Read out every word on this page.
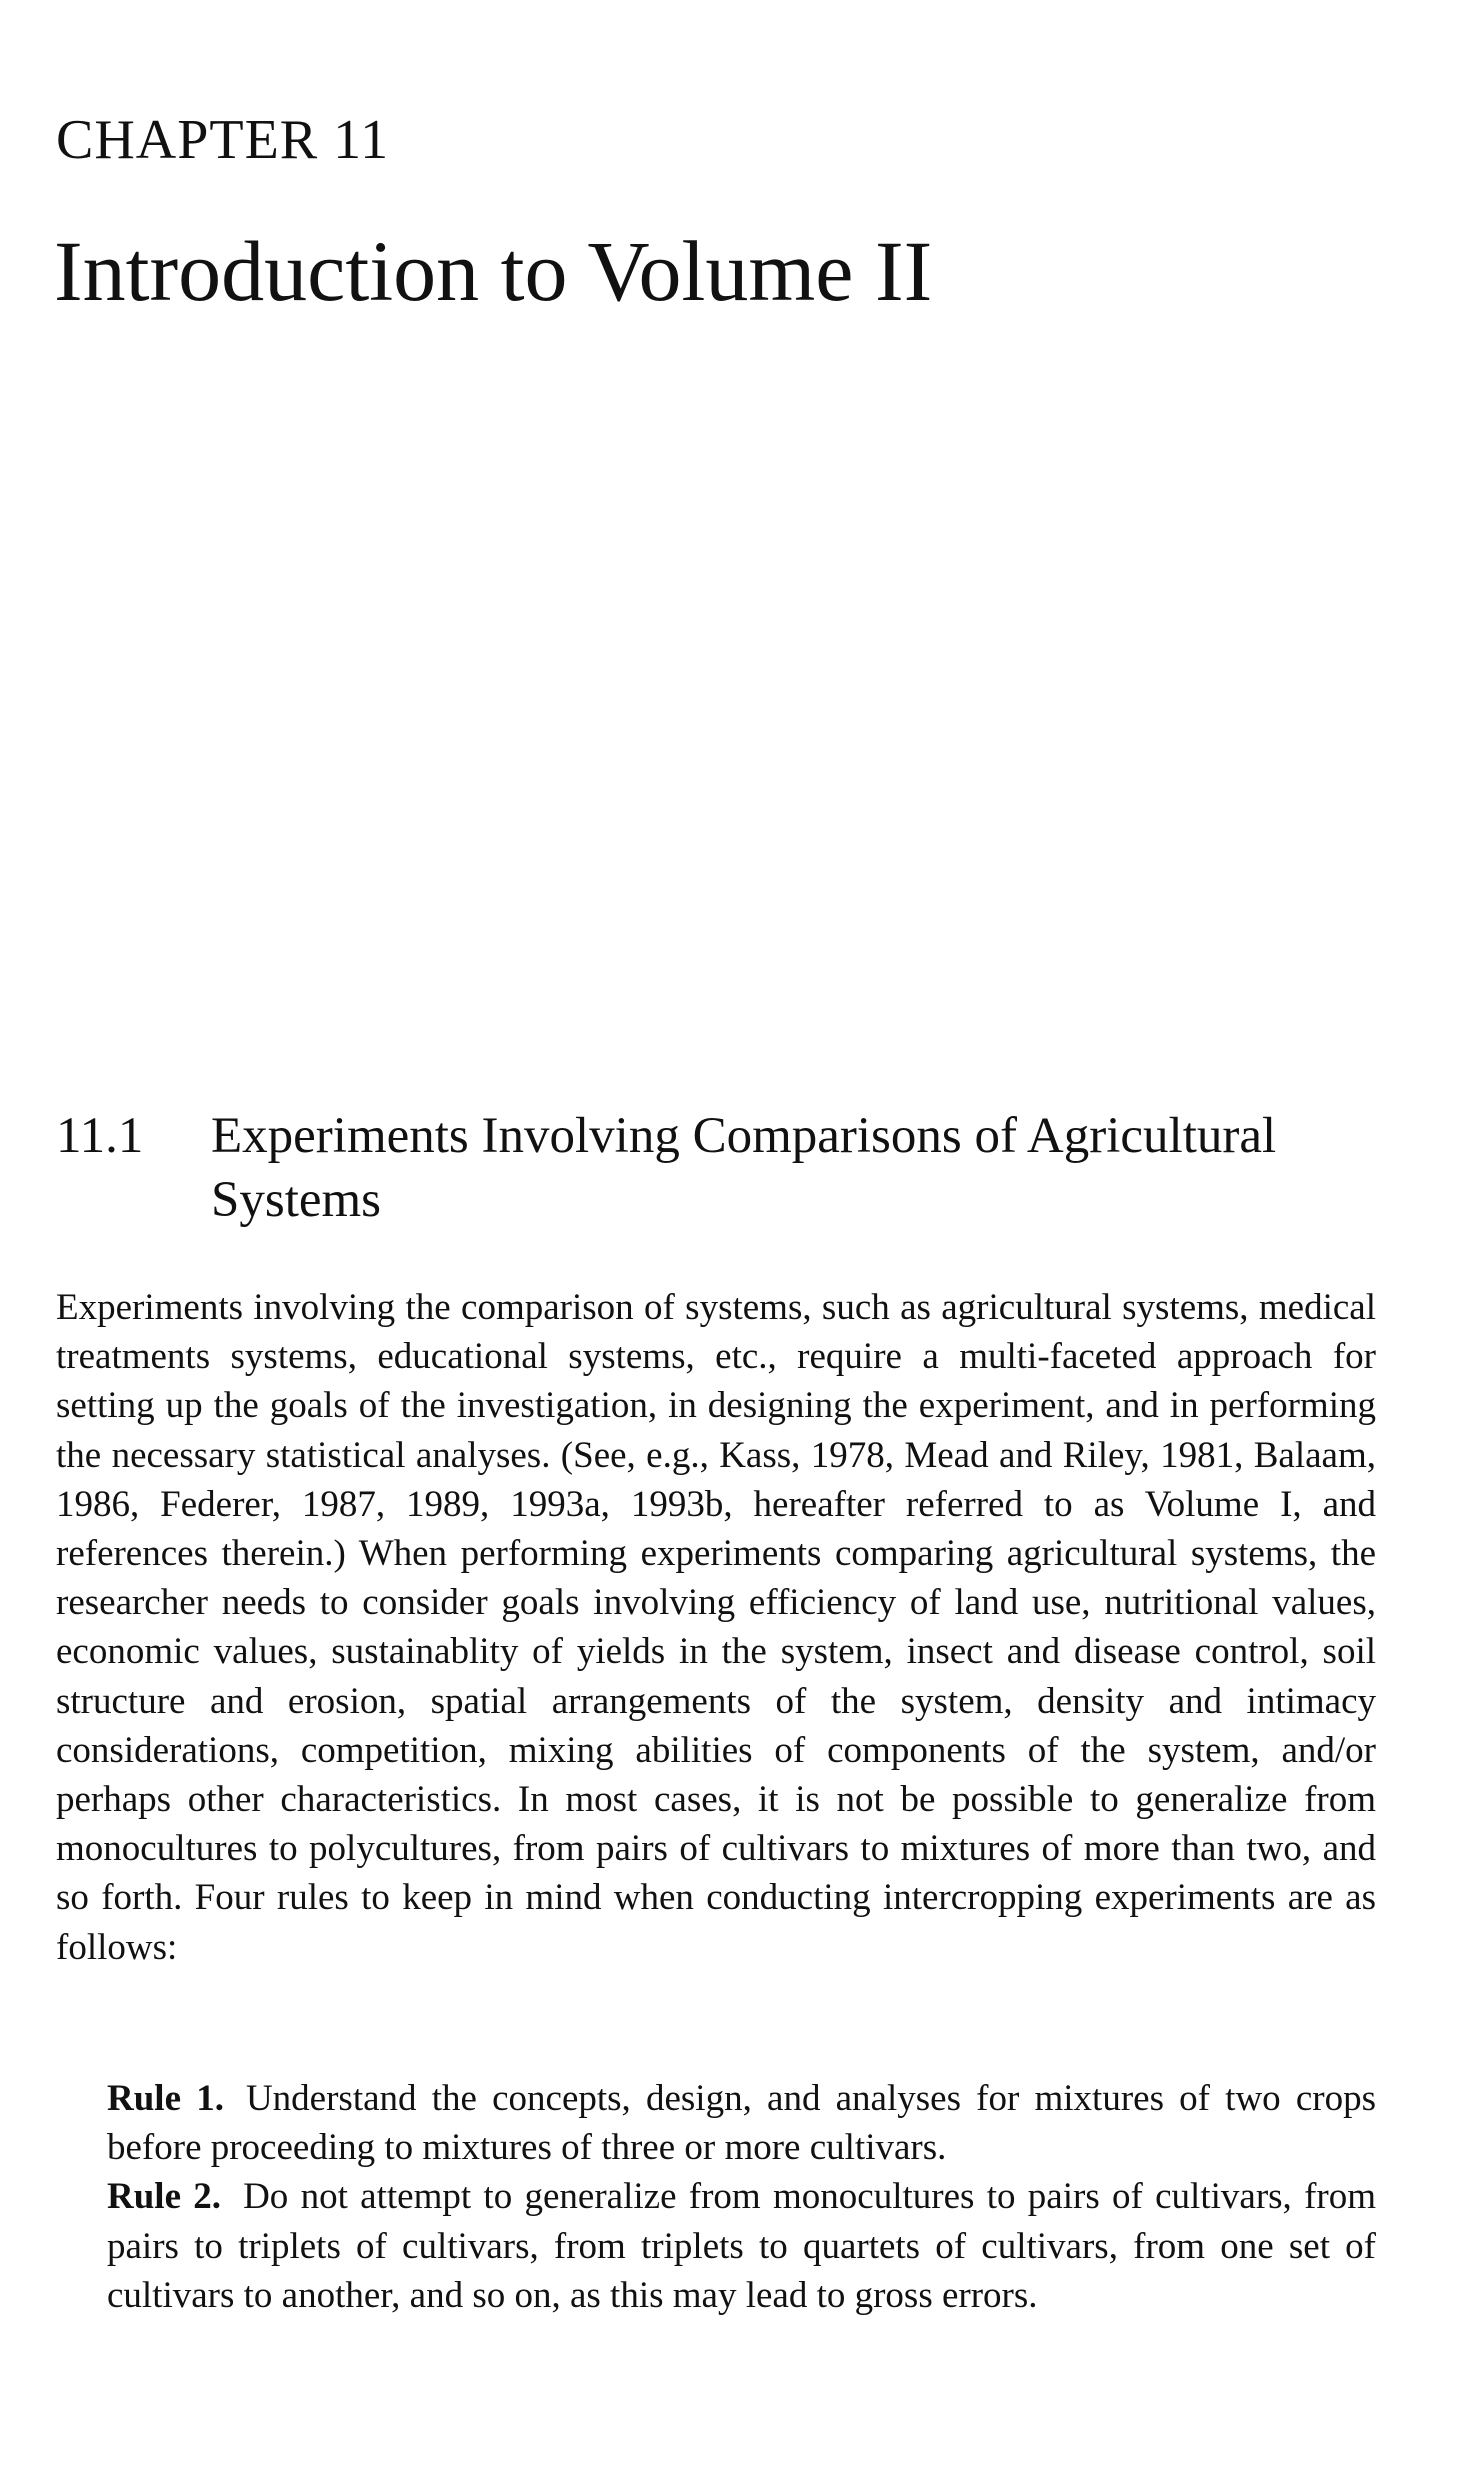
CHAPTER 11
Introduction to Volume II
11.1	Experiments Involving Comparisons of Agricultural Systems

Experiments involving the comparison of systems, such as agricultural systems, medical treatments systems, educational systems, etc., require a multi-faceted approach for setting up the goals of the investigation, in designing the experiment, and in performing the necessary statistical analyses. (See, e.g., Kass, 1978, Mead and Riley, 1981, Balaam, 1986, Federer, 1987, 1989, 1993a, 1993b, hereafter referred to as Volume I, and references therein.) When performing experiments comparing agricultural systems, the researcher needs to consider goals involving efficiency of land use, nutritional values, economic values, sustainablity of yields in the system, insect and disease control, soil structure and erosion, spatial arrangements of the system, density and intimacy considerations, competition, mixing abilities of components of the system, and/or perhaps other characteristics. In most cases, it is not be possible to generalize from monocultures to polycultures, from pairs of cultivars to mixtures of more than two, and so forth. Four rules to keep in mind when conducting intercropping experiments are as follows:

Rule 1. Understand the concepts, design, and analyses for mixtures of two crops before proceeding to mixtures of three or more cultivars.

Rule 2. Do not attempt to generalize from monocultures to pairs of cultivars, from pairs to triplets of cultivars, from triplets to quartets of cultivars, from one set of cultivars to another, and so on, as this may lead to gross errors.
